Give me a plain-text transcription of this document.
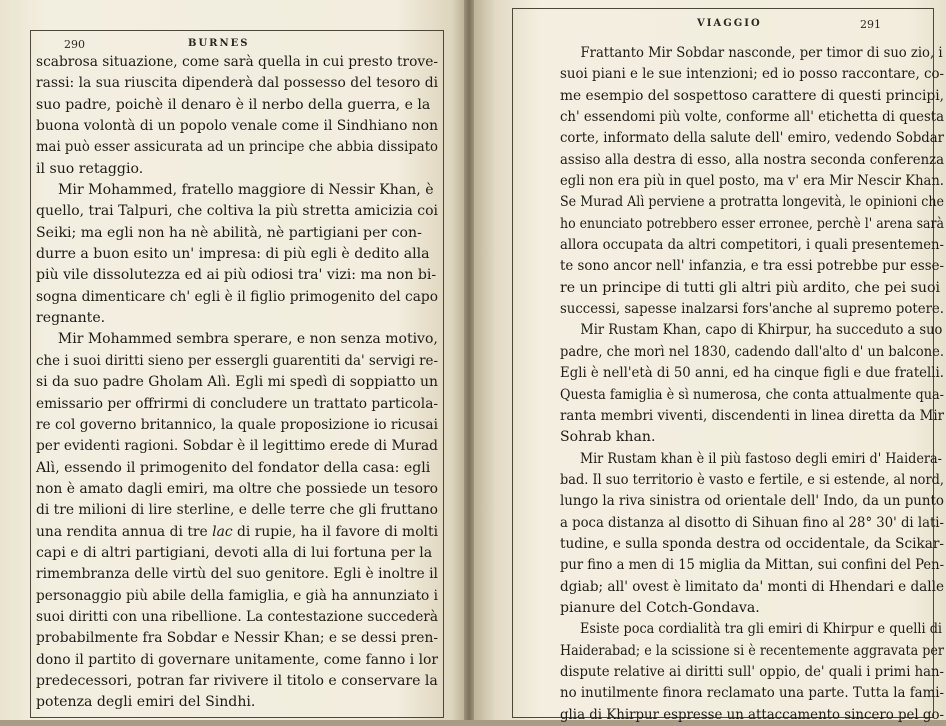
290	BURNES
scabrosa situazione, come sarà quella in cui presto trove-
rassi: la sua riuscita dipenderà dal possesso del tesoro di
suo padre, poichè il denaro è il nerbo della guerra, e la
buona volontà di un popolo venale come il Sindhiano non
mai può esser assicurata ad un principe che abbia dissipato
il suo retaggio.
Mir Mohammed, fratello maggiore di Nessir Khan, è
quello, trai Talpuri, che coltiva la più stretta amicizia coi
Seiki; ma egli non ha nè abilità, nè partigiani per con-
durre a buon esito un' impresa: di più egli è dedito alla
più vile dissolutezza ed ai più odiosi tra' vizi: ma non bi-
sogna dimenticare ch' egli è il figlio primogenito del capo
regnante.
Mir Mohammed sembra sperare, e non senza motivo,
che i suoi diritti sieno per essergli guarentiti da' servigi re-
si da suo padre Gholam Alì. Egli mi spedì di soppiatto un
emissario per offrirmi di concludere un trattato particola-
re col governo britannico, la quale proposizione io ricusai
per evidenti ragioni. Sobdar è il legittimo erede di Murad
Alì, essendo il primogenito del fondator della casa: egli
non è amato dagli emiri, ma oltre che possiede un tesoro
di tre milioni di lire sterline, e delle terre che gli fruttano
una rendita annua di tre lac di rupie, ha il favore di molti
capi e di altri partigiani, devoti alla di lui fortuna per la
rimembranza delle virtù del suo genitore. Egli è inoltre il
personaggio più abile della famiglia, e già ha annunziato i
suoi diritti con una ribellione. La contestazione succederà
probabilmente fra Sobdar e Nessir Khan; e se dessi pren-
dono il partito di governare unitamente, come fanno i lor
predecessori, potran far rivivere il titolo e conservare la
potenza degli emiri del Sindhi.
VIAGGIO	291
Frattanto Mir Sobdar nasconde, per timor di suo zio, i
suoi piani e le sue intenzioni; ed io posso raccontare, co-
me esempio del sospettoso carattere di questi principi,
ch' essendomi più volte, conforme all' etichetta di questa
corte, informato della salute dell' emiro, vedendo Sobdar
assiso alla destra di esso, alla nostra seconda conferenza
egli non era più in quel posto, ma v' era Mir Nescir Khan.
Se Murad Alì perviene a protratta longevità, le opinioni che
ho enunciato potrebbero esser erronee, perchè l' arena sarà
allora occupata da altri competitori, i quali presentemen-
te sono ancor nell' infanzia, e tra essi potrebbe pur esse-
re un principe di tutti gli altri più ardito, che pei suoi
successi, sapesse inalzarsi fors'anche al supremo potere.
Mir Rustam Khan, capo di Khirpur, ha succeduto a suo
padre, che morì nel 1830, cadendo dall'alto d' un balcone.
Egli è nell'età di 50 anni, ed ha cinque figli e due fratelli.
Questa famiglia è sì numerosa, che conta attualmente qua-
ranta membri viventi, discendenti in linea diretta da Mir
Sohrab khan.
Mir Rustam khan è il più fastoso degli emiri d' Haidera-
bad. Il suo territorio è vasto e fertile, e si estende, al nord,
lungo la riva sinistra od orientale dell' Indo, da un punto
a poca distanza al disotto di Sihuan fino al 28° 30' di lati-
tudine, e sulla sponda destra od occidentale, da Scikar-
pur fino a men di 15 miglia da Mittan, sui confini del Pen-
dgiab; all' ovest è limitato da' monti di Hhendari e dalle
pianure del Cotch-Gondava.
Esiste poca cordialità tra gli emiri di Khirpur e quelli di
Haiderabad; e la scissione si è recentemente aggravata per
dispute relative ai diritti sull' oppio, de' quali i primi han-
no inutilmente finora reclamato una parte. Tutta la fami-
glia di Khirpur espresse un attaccamento sincero pel go-
